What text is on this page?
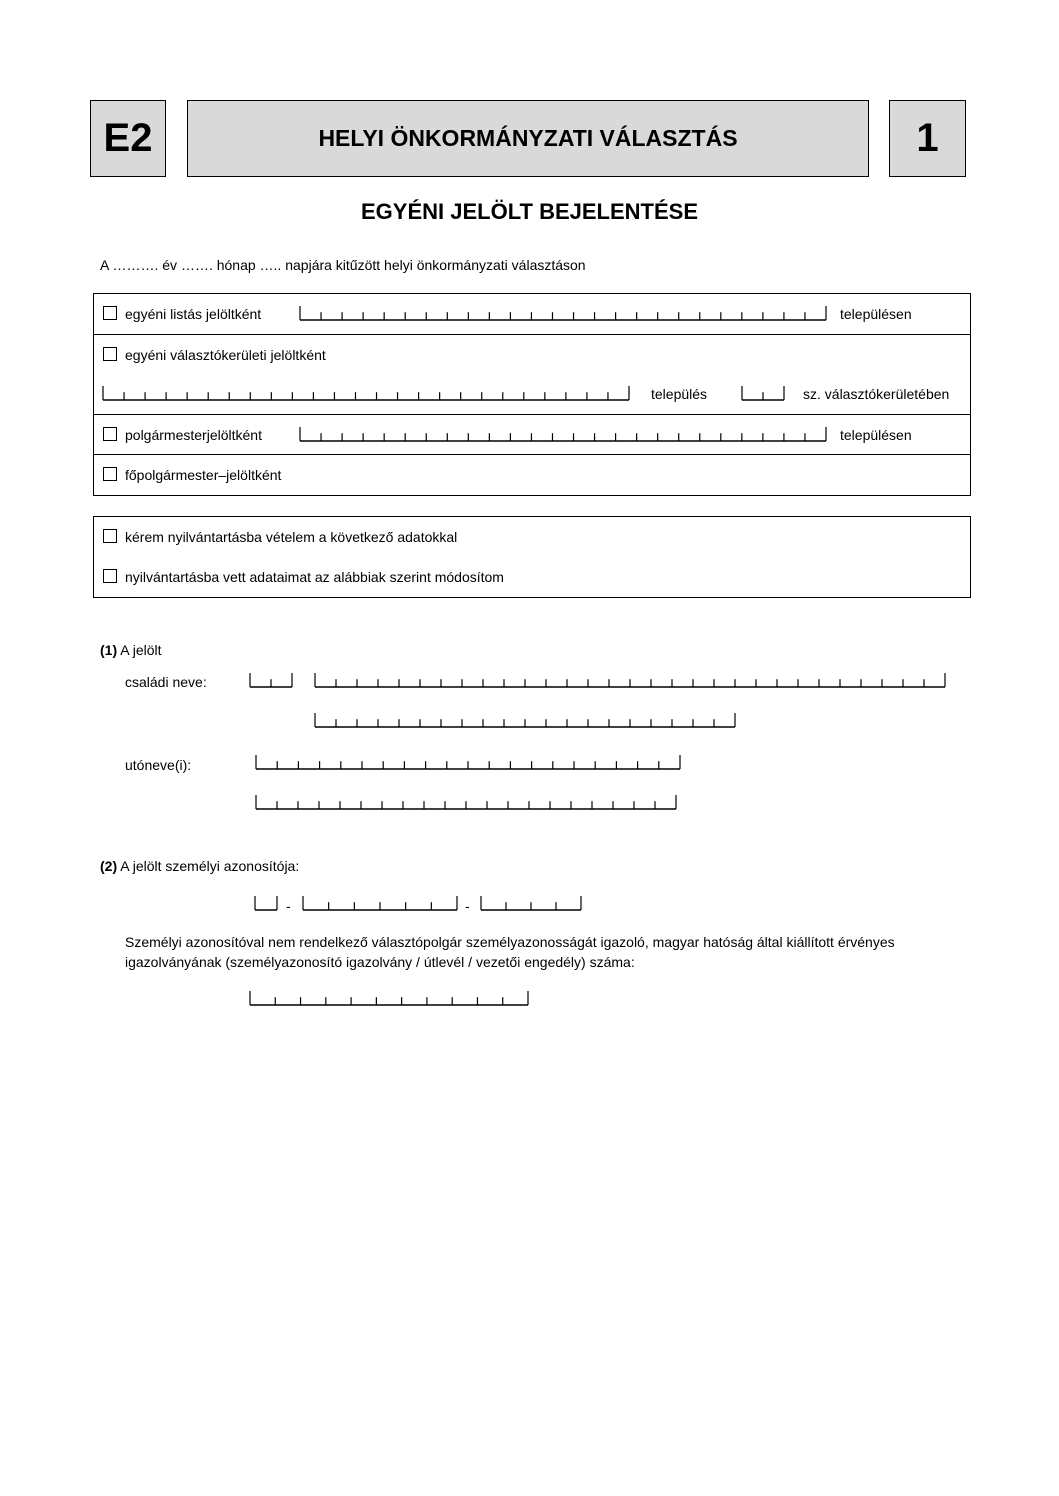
E2	HELYI ÖNKORMÁNYZATI VÁLASZTÁS	1
EGYÉNI JELÖLT BEJELENTÉSE
A ………. év ……. hónap ….. napjára kitűzött helyi önkormányzati választáson
egyéni listás jelöltként	településen
egyéni választókerületi jelöltként
település	sz. választókerületében
polgármesterjelöltként	településen
főpolgármester–jelöltként
kérem nyilvántartásba vételem a következő adatokkal
nyilvántartásba vett adataimat az alábbiak szerint módosítom
(1) A jelölt
családi neve:
utóneve(i):
(2) A jelölt személyi azonosítója:
-	-
Személyi azonosítóval nem rendelkező választópolgár személyazonosságát igazoló, magyar hatóság által kiállított érvényes
igazolványának (személyazonosító igazolvány / útlevél / vezetői engedély) száma:
